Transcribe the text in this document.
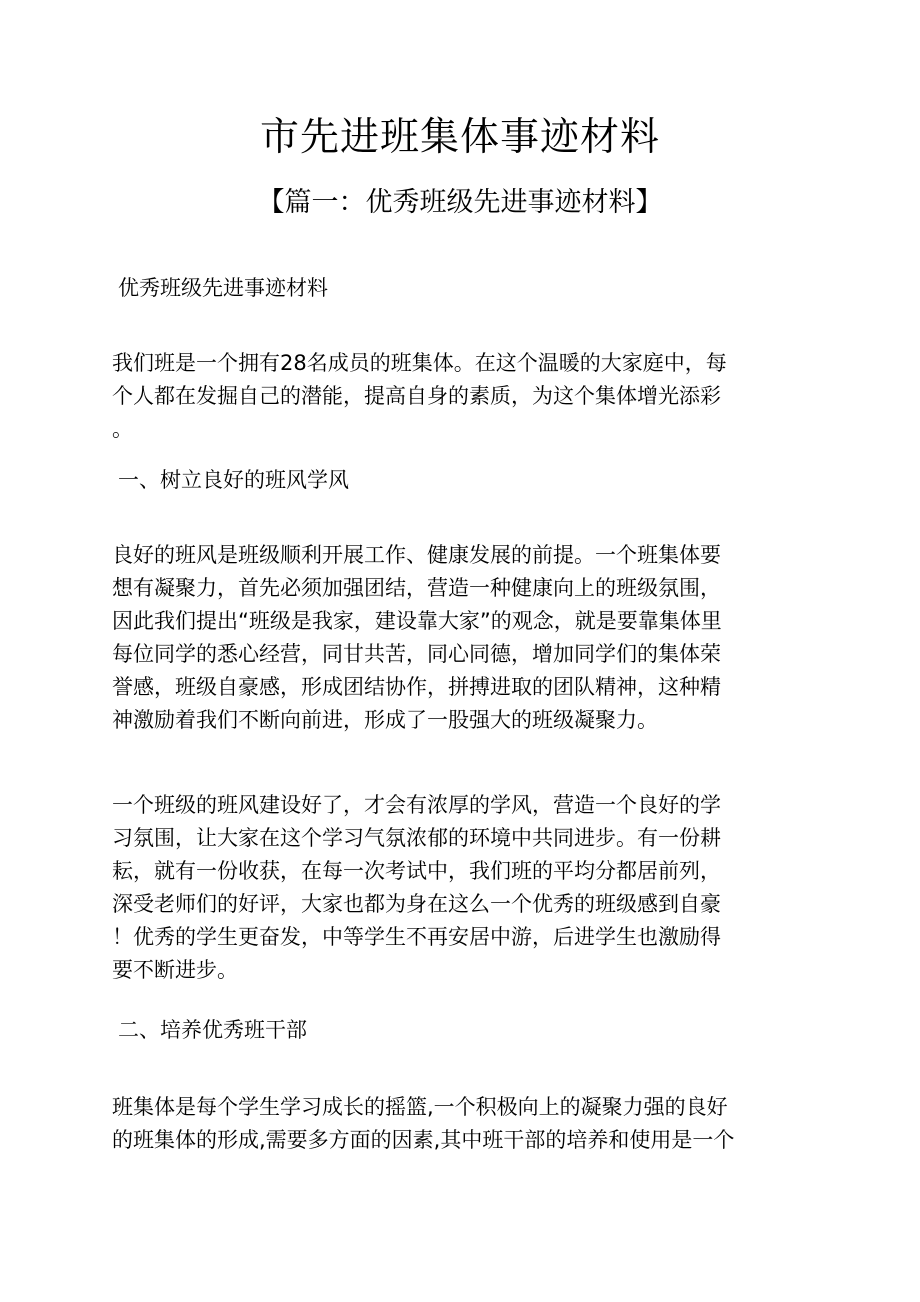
市先进班集体事迹材料
【篇一：优秀班级先进事迹材料】
优秀班级先进事迹材料
我们班是一个拥有28名成员的班集体。在这个温暖的大家庭中，每
个人都在发掘自己的潜能，提高自身的素质，为这个集体增光添彩
。
一、树立良好的班风学风
良好的班风是班级顺利开展工作、健康发展的前提。一个班集体要
想有凝聚力，首先必须加强团结，营造一种健康向上的班级氛围，
因此我们提出“班级是我家，建设靠大家”的观念，就是要靠集体里
每位同学的悉心经营，同甘共苦，同心同德，增加同学们的集体荣
誉感，班级自豪感，形成团结协作，拼搏进取的团队精神，这种精
神激励着我们不断向前进，形成了一股强大的班级凝聚力。
一个班级的班风建设好了，才会有浓厚的学风，营造一个良好的学
习氛围，让大家在这个学习气氛浓郁的环境中共同进步。有一份耕
耘，就有一份收获，在每一次考试中，我们班的平均分都居前列，
深受老师们的好评，大家也都为身在这么一个优秀的班级感到自豪
！优秀的学生更奋发，中等学生不再安居中游，后进学生也激励得
要不断进步。
二、培养优秀班干部
班集体是每个学生学习成长的摇篮,一个积极向上的凝聚力强的良好
的班集体的形成,需要多方面的因素,其中班干部的培养和使用是一个
